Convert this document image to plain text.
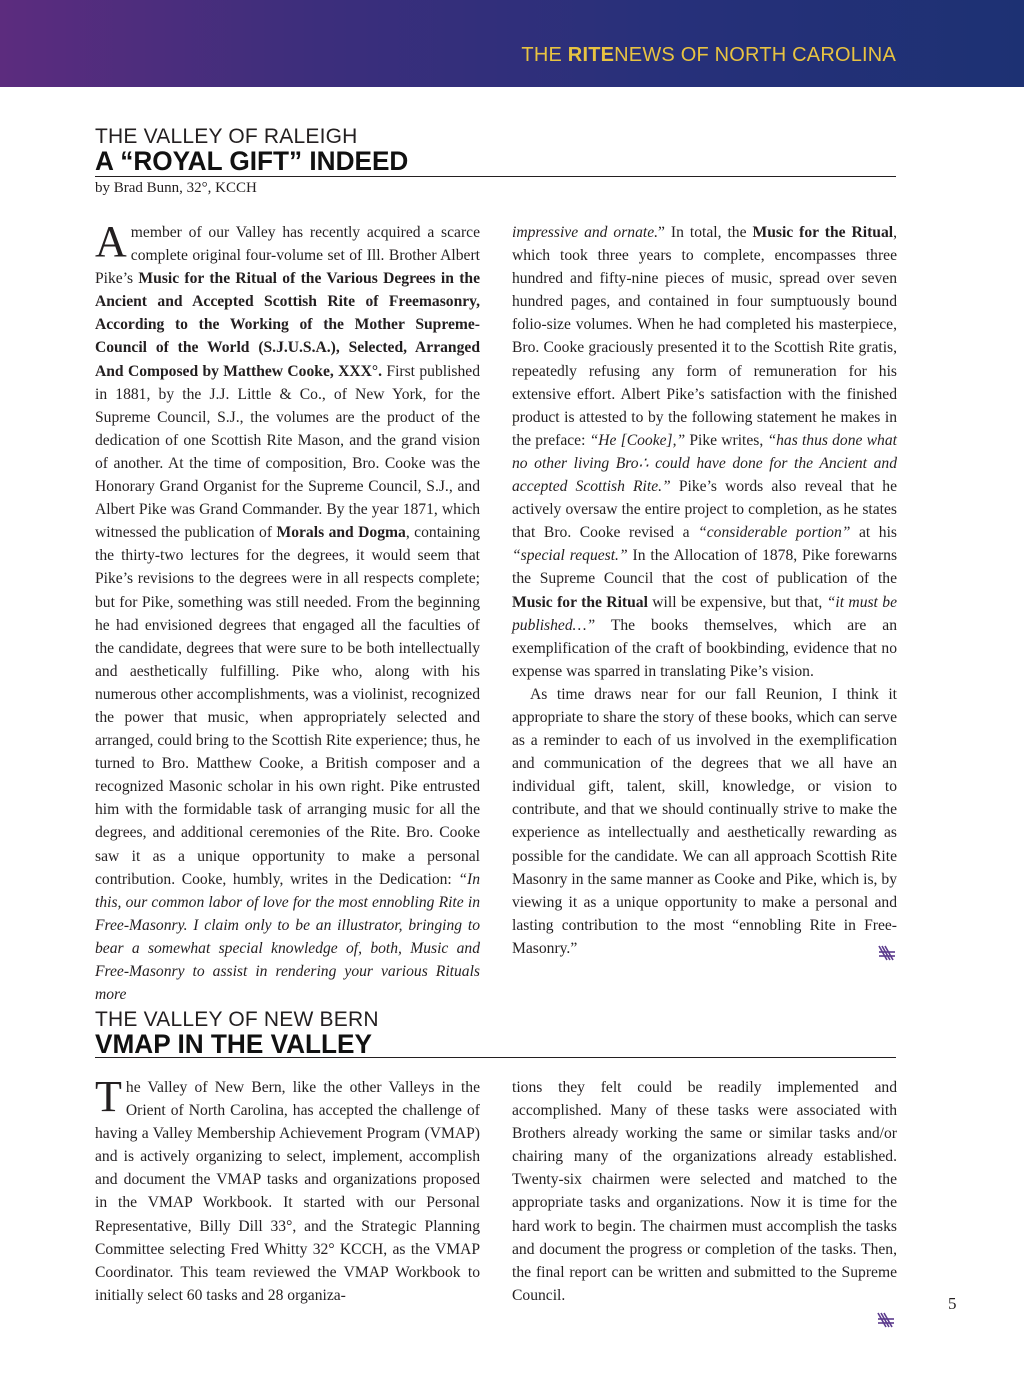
THE RITENEWS OF NORTH CAROLINA
THE VALLEY OF RALEIGH
A “ROYAL GIFT” INDEED
by Brad Bunn, 32°, KCCH

A member of our Valley has recently acquired a scarce complete original four-volume set of Ill. Brother Albert Pike’s Music for the Ritual of the Various Degrees in the Ancient and Accepted Scottish Rite of Freemasonry, According to the Working of the Mother Supreme-Council of the World (S.J.U.S.A.), Selected, Arranged And Composed by Matthew Cooke, XXX°. First published in 1881, by the J.J. Little & Co., of New York, for the Supreme Council, S.J., the volumes are the product of the dedication of one Scottish Rite Mason, and the grand vision of another. At the time of composition, Bro. Cooke was the Honorary Grand Organist for the Supreme Council, S.J., and Albert Pike was Grand Commander. By the year 1871, which witnessed the publication of Morals and Dogma, containing the thirty-two lectures for the degrees, it would seem that Pike’s revisions to the degrees were in all respects complete; but for Pike, something was still needed. From the beginning he had envisioned degrees that engaged all the faculties of the candidate, degrees that were sure to be both intellectually and aesthetically fulfilling. Pike who, along with his numerous other accomplishments, was a violinist, recognized the power that music, when appropriately selected and arranged, could bring to the Scottish Rite experience; thus, he turned to Bro. Matthew Cooke, a British composer and a recognized Masonic scholar in his own right. Pike entrusted him with the formidable task of arranging music for all the degrees, and additional ceremonies of the Rite. Bro. Cooke saw it as a unique opportunity to make a personal contribution. Cooke, humbly, writes in the Dedication: “In this, our common labor of love for the most ennobling Rite in Free-Masonry. I claim only to be an illustrator, bringing to bear a somewhat special knowledge of, both, Music and Free-Masonry to assist in rendering your various Rituals more

impressive and ornate.” In total, the Music for the Ritual, which took three years to complete, encompasses three hundred and fifty-nine pieces of music, spread over seven hundred pages, and contained in four sumptuously bound folio-size volumes. When he had completed his masterpiece, Bro. Cooke graciously presented it to the Scottish Rite gratis, repeatedly refusing any form of remuneration for his extensive effort. Albert Pike’s satisfaction with the finished product is attested to by the following statement he makes in the preface: “He [Cooke],” Pike writes, “has thus done what no other living Bro∴ could have done for the Ancient and accepted Scottish Rite.” Pike’s words also reveal that he actively oversaw the entire project to completion, as he states that Bro. Cooke revised a “considerable portion” at his “special request.” In the Allocation of 1878, Pike forewarns the Supreme Council that the cost of publication of the Music for the Ritual will be expensive, but that, “it must be published…” The books themselves, which are an exemplification of the craft of bookbinding, evidence that no expense was sparred in translating Pike’s vision.

As time draws near for our fall Reunion, I think it appropriate to share the story of these books, which can serve as a reminder to each of us involved in the exemplification and communication of the degrees that we all have an individual gift, talent, skill, knowledge, or vision to contribute, and that we should continually strive to make the experience as intellectually and aesthetically rewarding as possible for the candidate. We can all approach Scottish Rite Masonry in the same manner as Cooke and Pike, which is, by viewing it as a unique opportunity to make a personal and lasting contribution to the most “ennobling Rite in Free-Masonry.”

THE VALLEY OF NEW BERN
VMAP IN THE VALLEY

The Valley of New Bern, like the other Valleys in the Orient of North Carolina, has accepted the challenge of having a Valley Membership Achievement Program (VMAP) and is actively organizing to select, implement, accomplish and document the VMAP tasks and organizations proposed in the VMAP Workbook. It started with our Personal Representative, Billy Dill 33°, and the Strategic Planning Committee selecting Fred Whitty 32° KCCH, as the VMAP Coordinator. This team reviewed the VMAP Workbook to initially select 60 tasks and 28 organiza-

tions they felt could be readily implemented and accomplished. Many of these tasks were associated with Brothers already working the same or similar tasks and/or chairing many of the organizations already established. Twenty-six chairmen were selected and matched to the appropriate tasks and organizations. Now it is time for the hard work to begin. The chairmen must accomplish the tasks and document the progress or completion of the tasks. Then, the final report can be written and submitted to the Supreme Council.	5
